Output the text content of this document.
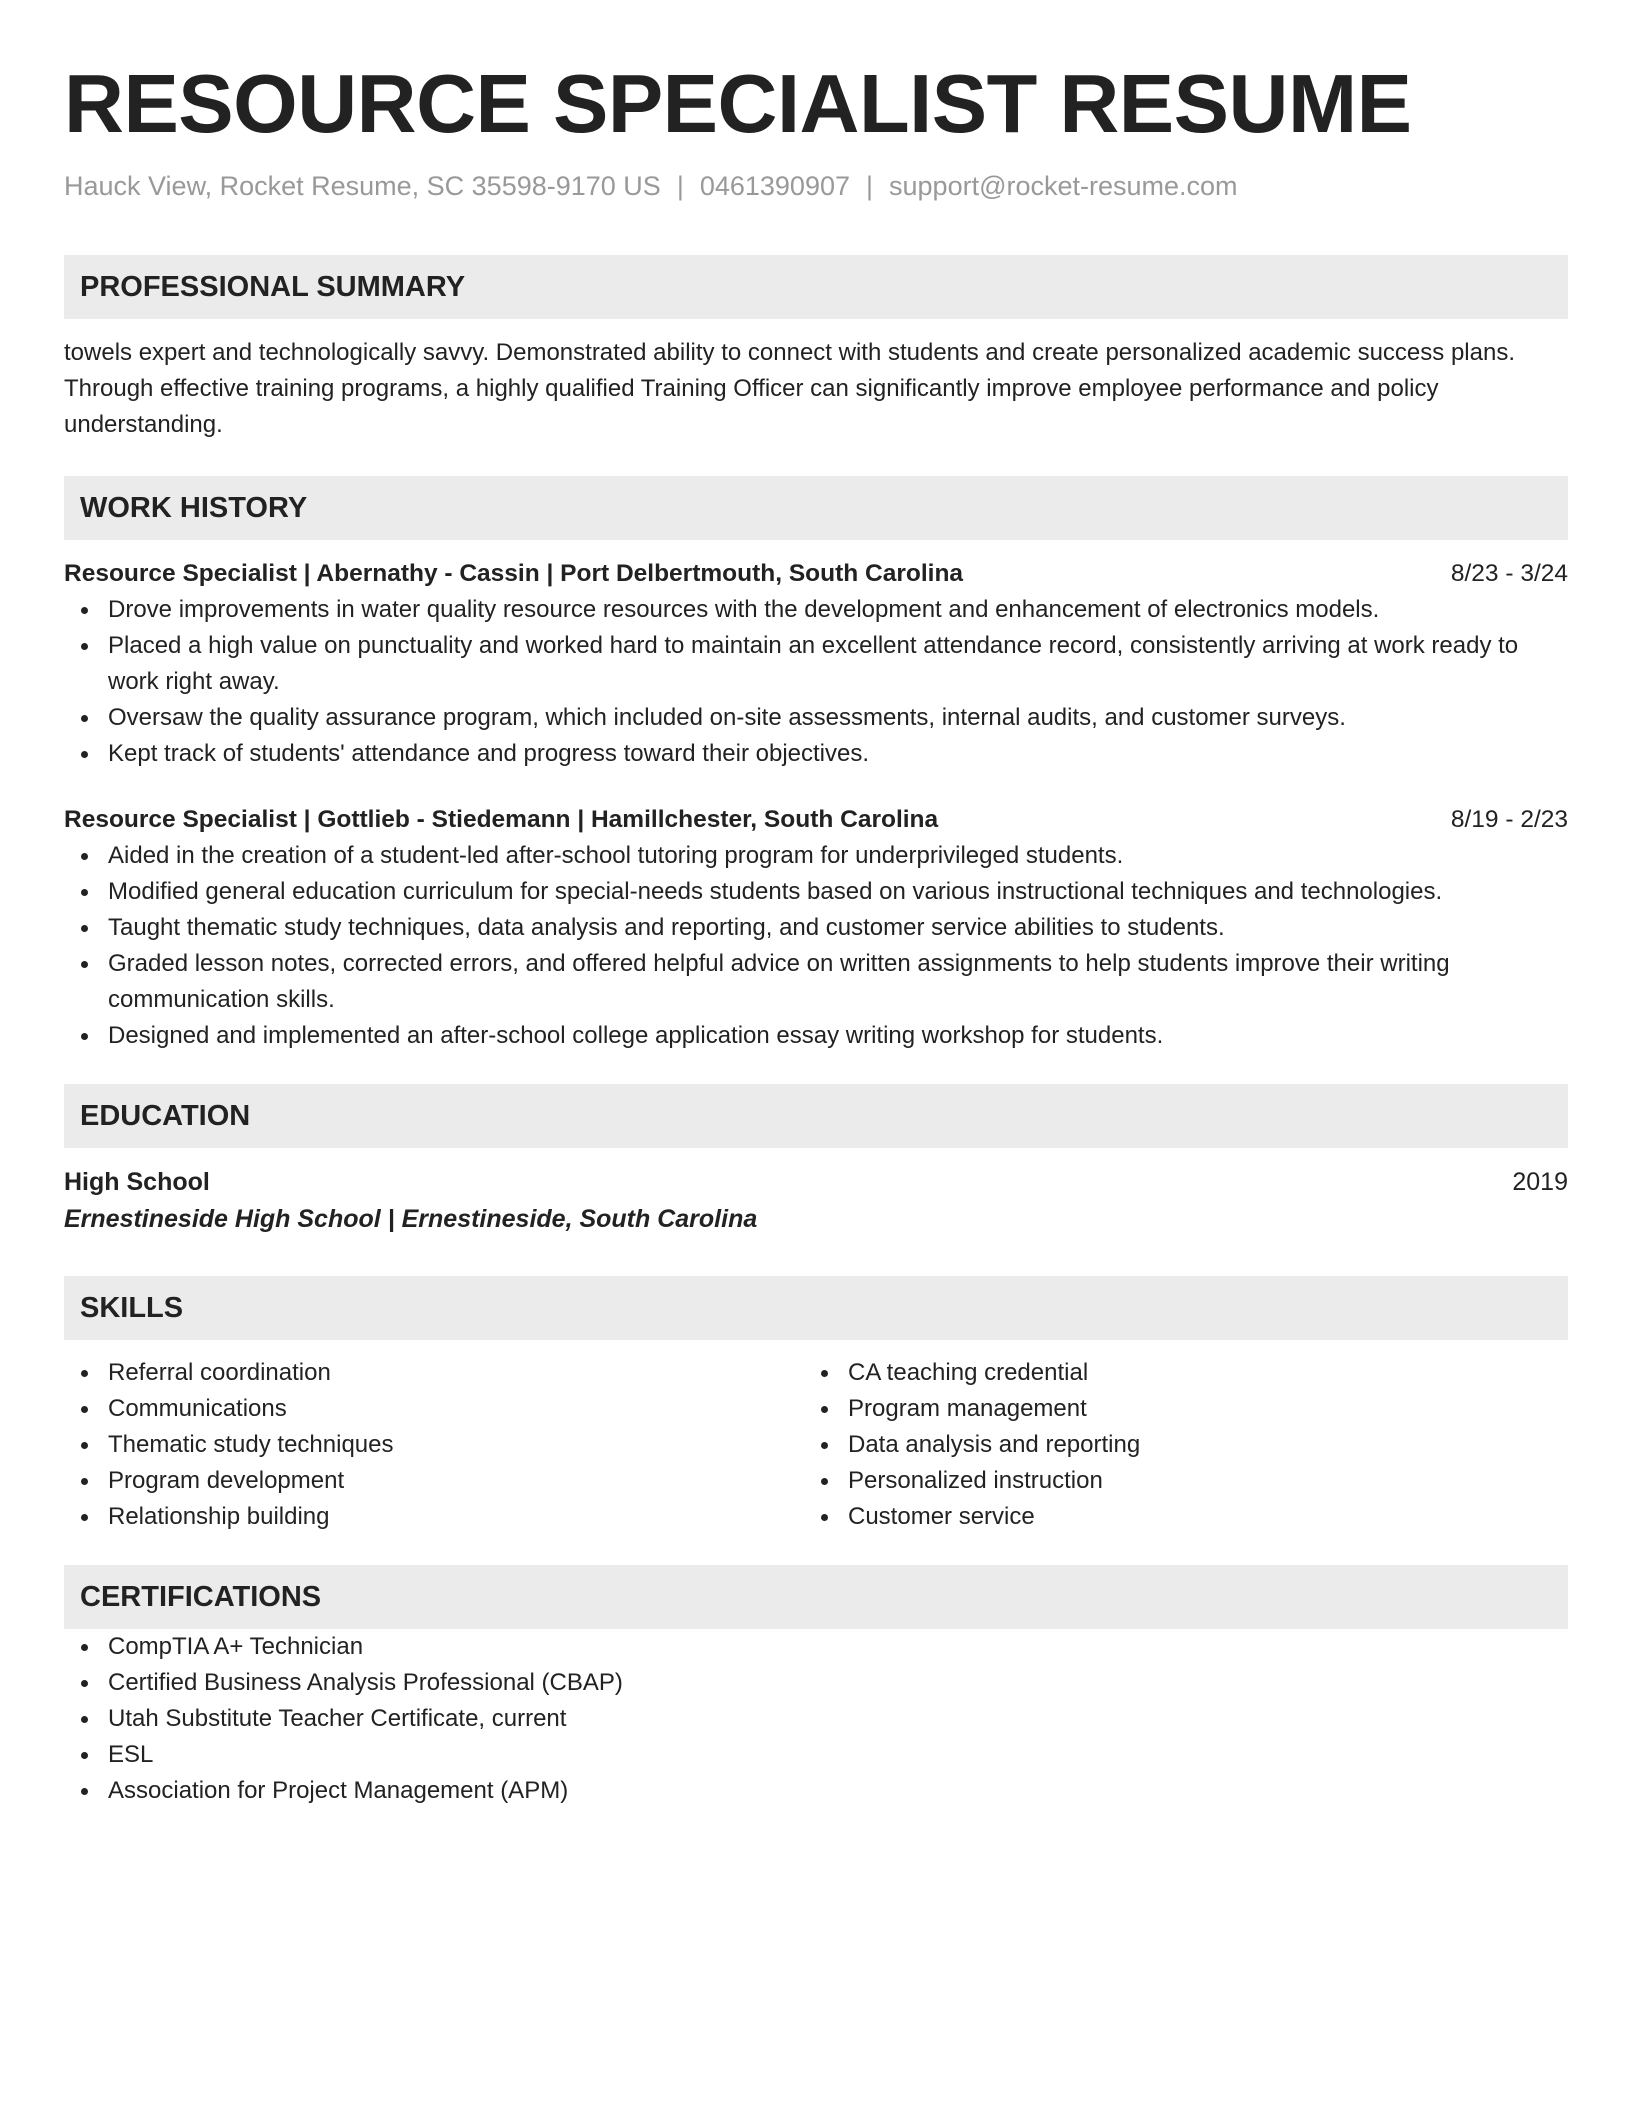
RESOURCE SPECIALIST RESUME
Hauck View, Rocket Resume, SC 35598-9170 US | 0461390907 | support@rocket-resume.com
PROFESSIONAL SUMMARY
towels expert and technologically savvy. Demonstrated ability to connect with students and create personalized academic success plans. Through effective training programs, a highly qualified Training Officer can significantly improve employee performance and policy understanding.
WORK HISTORY
Resource Specialist | Abernathy - Cassin | Port Delbertmouth, South Carolina	8/23 - 3/24
Drove improvements in water quality resource resources with the development and enhancement of electronics models.
Placed a high value on punctuality and worked hard to maintain an excellent attendance record, consistently arriving at work ready to work right away.
Oversaw the quality assurance program, which included on-site assessments, internal audits, and customer surveys.
Kept track of students' attendance and progress toward their objectives.
Resource Specialist | Gottlieb - Stiedemann | Hamillchester, South Carolina	8/19 - 2/23
Aided in the creation of a student-led after-school tutoring program for underprivileged students.
Modified general education curriculum for special-needs students based on various instructional techniques and technologies.
Taught thematic study techniques, data analysis and reporting, and customer service abilities to students.
Graded lesson notes, corrected errors, and offered helpful advice on written assignments to help students improve their writing communication skills.
Designed and implemented an after-school college application essay writing workshop for students.
EDUCATION
High School	2019
Ernestineside High School | Ernestineside, South Carolina
SKILLS
Referral coordination
Communications
Thematic study techniques
Program development
Relationship building
CA teaching credential
Program management
Data analysis and reporting
Personalized instruction
Customer service
CERTIFICATIONS
CompTIA A+ Technician
Certified Business Analysis Professional (CBAP)
Utah Substitute Teacher Certificate, current
ESL
Association for Project Management (APM)
